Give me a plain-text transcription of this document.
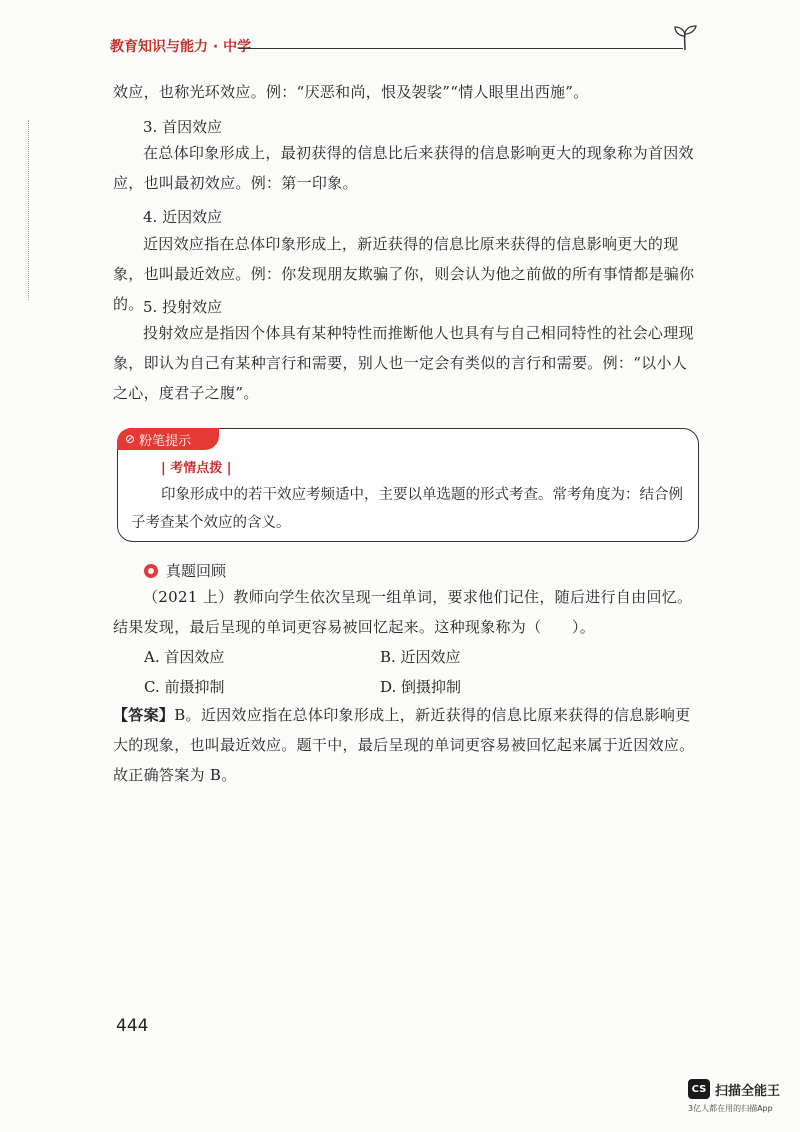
教育知识与能力 · 中学

效应，也称光环效应。例：“厌恶和尚，恨及袈裟”“情人眼里出西施”。

3. 首因效应

在总体印象形成上，最初获得的信息比后来获得的信息影响更大的现象称为首因效应，也叫最初效应。例：第一印象。

4. 近因效应

近因效应指在总体印象形成上，新近获得的信息比原来获得的信息影响更大的现象，也叫最近效应。例：你发现朋友欺骗了你，则会认为他之前做的所有事情都是骗你的。 5. 投射效应

投射效应是指因个体具有某种特性而推断他人也具有与自己相同特性的社会心理现象，即认为自己有某种言行和需要，别人也一定会有类似的言行和需要。例：“以小人之心，度君子之腹”。

⊘ 粉笔提示
| 考情点拨 |
印象形成中的若干效应考频适中，主要以单选题的形式考查。常考角度为：结合例子考查某个效应的含义。
真题回顾

（2021 上）教师向学生依次呈现一组单词，要求他们记住，随后进行自由回忆。结果发现，最后呈现的单词更容易被回忆起来。这种现象称为（　　）。

A. 首因效应	B. 近因效应
C. 前摄抑制	D. 倒摄抑制

【答案】B。近因效应指在总体印象形成上，新近获得的信息比原来获得的信息影响更大的现象，也叫最近效应。题干中，最后呈现的单词更容易被回忆起来属于近因效应。故正确答案为 B。

444
CS 扫描全能王
3亿人都在用的扫描App
